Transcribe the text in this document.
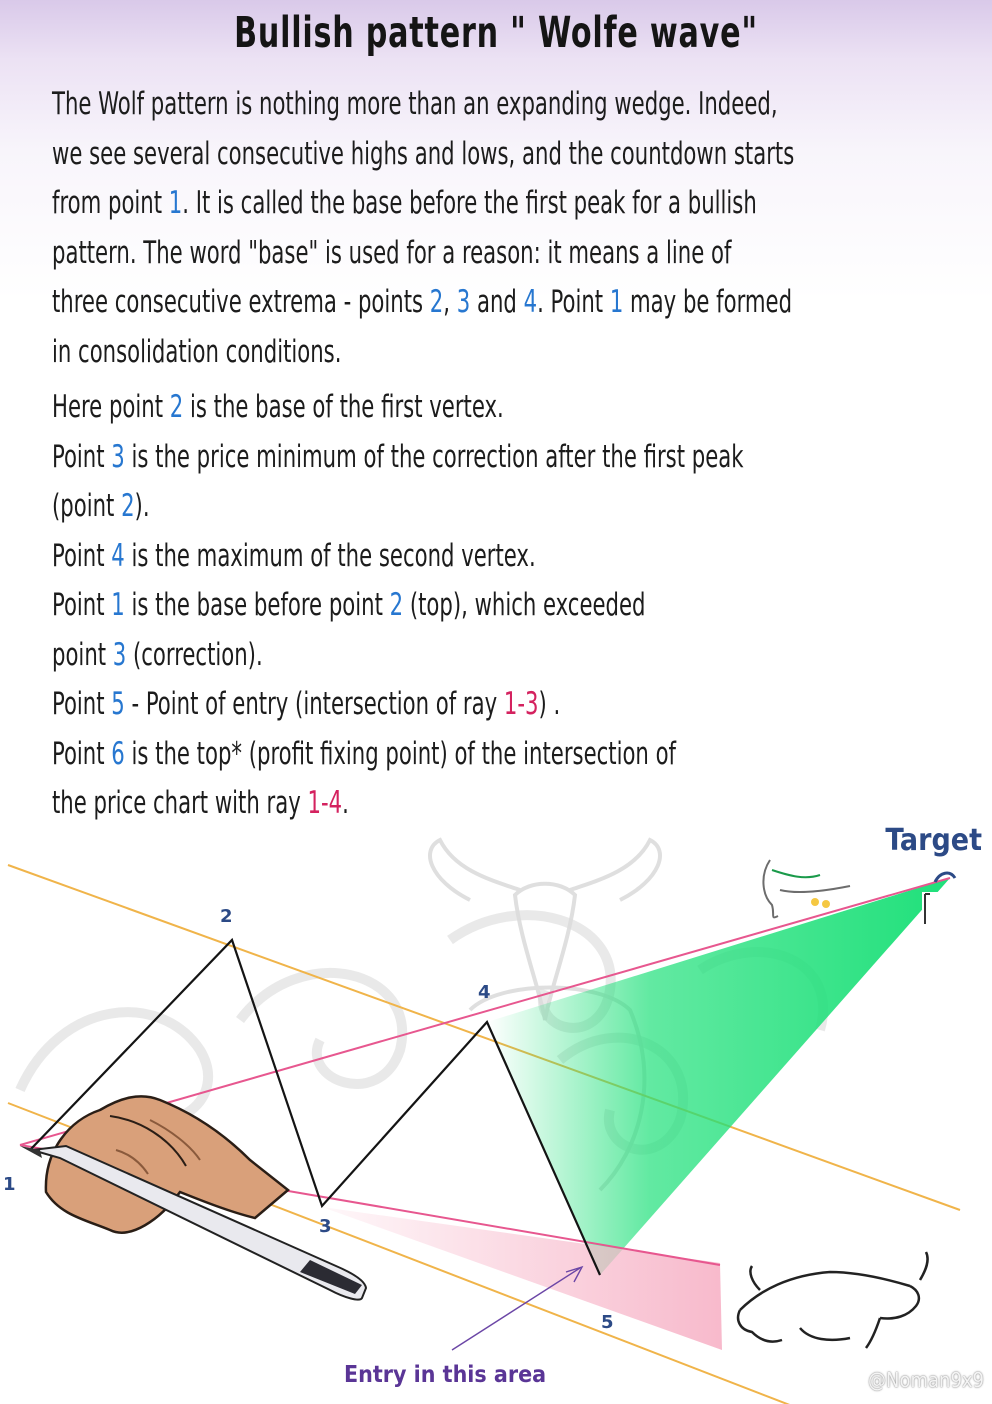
Bullish pattern " Wolfe wave"
The Wolf pattern is nothing more than an expanding wedge. Indeed,
we see several consecutive highs and lows, and the countdown starts
from point 1. It is called the base before the first peak for a bullish
pattern. The word "base" is used for a reason: it means a line of
three consecutive extrema - points 2, 3 and 4. Point 1 may be formed
in consolidation conditions.
Here point 2 is the base of the first vertex.
Point 3 is the price minimum of the correction after the first peak
(point 2).
Point 4 is the maximum of the second vertex.
Point 1 is the base before point 2 (top), which exceeded
point 3 (correction).
Point 5 - Point of entry (intersection of ray 1-3) .
Point 6 is the top* (profit fixing point) of the intersection of
the price chart with ray 1-4.
1
2
3
4
5
Target
Entry in this area	@Noman9x9
